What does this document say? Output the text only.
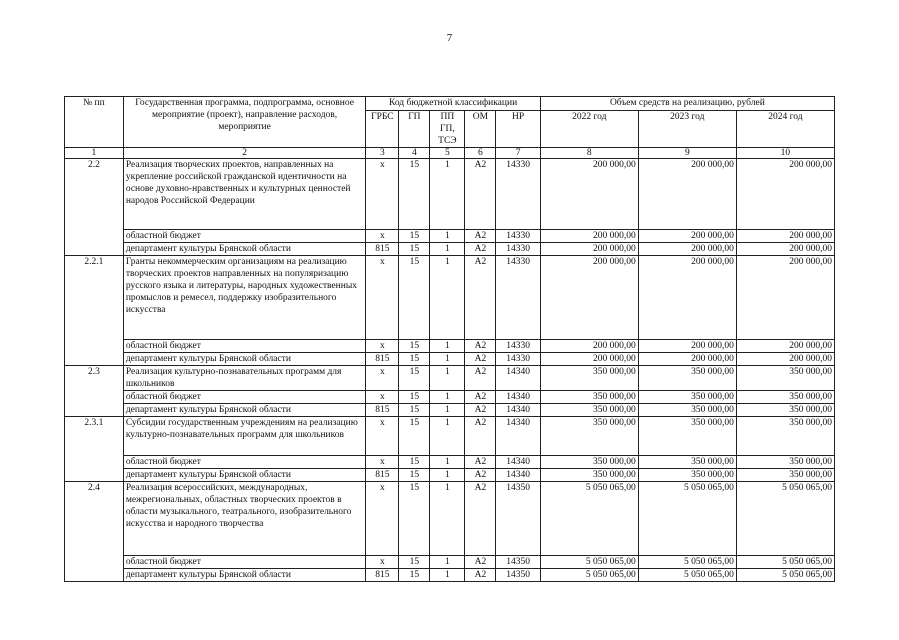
7
№ пп	Государственная программа, подпрограмма, основное мероприятие (проект), направление расходов, мероприятие	Код бюджетной классификации					Объем средств на реализацию, рублей		
		ГРБС	ГП	ПП ГП, ТСЭ	ОМ	НР	2022 год	2023 год	2024 год
1	2	3	4	5	6	7	8	9	10
2.2	Реализация творческих проектов, направленных на укрепление российской гражданской идентичности на основе духовно-нравственных и культурных ценностей народов Российской Федерации	х	15	1	А2	14330	200 000,00	200 000,00	200 000,00
	областной бюджет	х	15	1	А2	14330	200 000,00	200 000,00	200 000,00
	департамент культуры Брянской области	815	15	1	А2	14330	200 000,00	200 000,00	200 000,00
2.2.1	Гранты некоммерческим организациям на реализацию творческих проектов направленных на популяризацию русского языка и литературы, народных художественных промыслов и ремесел, поддержку изобразительного искусства	х	15	1	А2	14330	200 000,00	200 000,00	200 000,00
	областной бюджет	х	15	1	А2	14330	200 000,00	200 000,00	200 000,00
	департамент культуры Брянской области	815	15	1	А2	14330	200 000,00	200 000,00	200 000,00
2.3	Реализация культурно-познавательных программ для школьников	х	15	1	А2	14340	350 000,00	350 000,00	350 000,00
	областной бюджет	х	15	1	А2	14340	350 000,00	350 000,00	350 000,00
	департамент культуры Брянской области	815	15	1	А2	14340	350 000,00	350 000,00	350 000,00
2.3.1	Субсидии государственным учреждениям на реализацию культурно-познавательных программ для школьников	х	15	1	А2	14340	350 000,00	350 000,00	350 000,00
	областной бюджет	х	15	1	А2	14340	350 000,00	350 000,00	350 000,00
	департамент культуры Брянской области	815	15	1	А2	14340	350 000,00	350 000,00	350 000,00
2.4	Реализация всероссийских, международных, межрегиональных, областных творческих проектов в области музыкального, театрального, изобразительного искусства и народного творчества	х	15	1	А2	14350	5 050 065,00	5 050 065,00	5 050 065,00
	областной бюджет	х	15	1	А2	14350	5 050 065,00	5 050 065,00	5 050 065,00
	департамент культуры Брянской области	815	15	1	А2	14350	5 050 065,00	5 050 065,00	5 050 065,00
